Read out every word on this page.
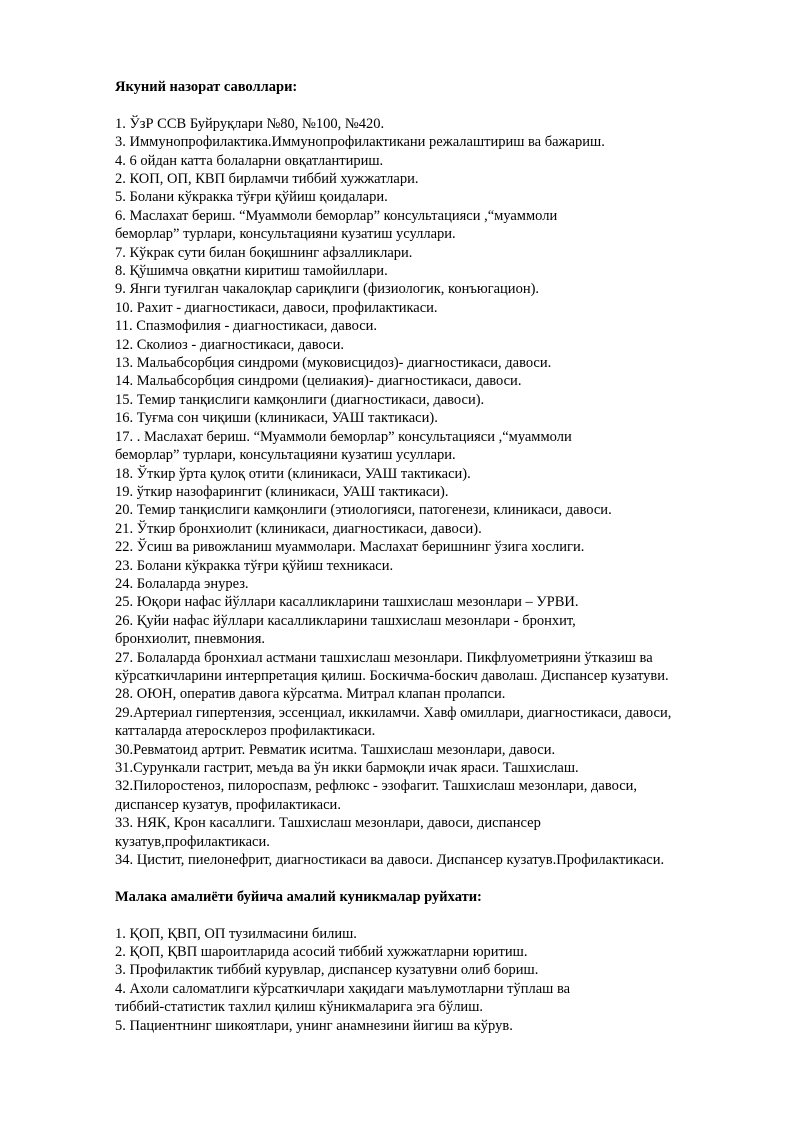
Якуний назорат саволлари:

1. ЎзР ССВ Буйруқлари №80, №100, №420.
3. Иммунопрофилактика.Иммунопрофилактикани режалаштириш ва бажариш.
4. 6 ойдан катта болаларни овқатлантириш.
2. КОП, ОП, КВП бирламчи тиббий хужжатлари.
5. Болани кўкракка тўғри қўйиш қоидалари.
6. Маслахат бериш. “Муаммоли беморлар” консультацияси ,“муаммоли
беморлар” турлари, консультацияни кузатиш усуллари.
7. Кўкрак сути билан боқишнинг афзалликлари.
8. Қўшимча овқатни киритиш тамойиллари.
9. Янги туғилган чакалоқлар сариқлиги (физиологик, конъюгацион).
10. Рахит - диагностикаси, давоси, профилактикаси.
11. Спазмофилия - диагностикаси, давоси.
12. Сколиоз - диагностикаси, давоси.
13. Мальабсорбция синдроми (муковисцидоз)- диагностикаси, давоси.
14. Мальабсорбция синдроми (целиакия)- диагностикаси, давоси.
15. Темир танқислиги камқонлиги (диагностикаси, давоси).
16. Туғма сон чиқиши (клиникаси, УАШ тактикаси).
17. . Маслахат бериш. “Муаммоли беморлар” консультацияси ,“муаммоли
беморлар” турлари, консультацияни кузатиш усуллари.
18. Ўткир ўрта қулоқ отити (клиникаси, УАШ тактикаси).
19. ўткир назофарингит (клиникаси, УАШ тактикаси).
20. Темир танқислиги камқонлиги (этиологияси, патогенези, клиникаси, давоси.
21. Ўткир бронхиолит (клиникаси, диагностикаси, давоси).
22. Ўсиш ва ривожланиш муаммолари. Маслахат беришнинг ўзига хослиги.
23. Болани кўкракка тўғри қўйиш техникаси.
24. Болаларда энурез.
25. Юқори нафас йўллари касалликларини ташхислаш мезонлари – УРВИ.
26. Қуйи нафас йўллари касалликларини ташхислаш мезонлари - бронхит,
бронхиолит, пневмония.
27. Болаларда бронхиал астмани ташхислаш мезонлари. Пикфлуометрияни ўтказиш ва
кўрсаткичларини интерпретация қилиш. Боскичма-боскич даволаш. Диспансер кузатуви.
28. ОЮН, оператив давога кўрсатма. Митрал клапан пролапси.
29.Артериал гипертензия, эссенциал, иккиламчи. Хавф омиллари, диагностикаси, давоси,
катталарда атеросклероз профилактикаси.
30.Ревматоид артрит. Ревматик иситма. Ташхислаш мезонлари, давоси.
31.Сурункали гастрит, меъда ва ўн икки бармоқли ичак яраси. Ташхислаш.
32.Пилоростеноз, пилороспазм, рефлюкс - эзофагит. Ташхислаш мезонлари, давоси,
диспансер кузатув, профилактикаси.
33. НЯК, Крон касаллиги. Ташхислаш мезонлари, давоси, диспансер
кузатув,профилактикаси.
34. Цистит, пиелонефрит, диагностикаси ва давоси. Диспансер кузатув.Профилактикаси.

Малака амалиёти буйича амалий куникмалар руйхати:

1. ҚОП, ҚВП, ОП тузилмасини билиш.
2. ҚОП, ҚВП шароитларида асосий тиббий хужжатларни юритиш.
3. Профилактик тиббий курувлар, диспансер кузатувни олиб бориш.
4. Ахоли саломатлиги кўрсаткичлари хақидаги маълумотларни тўплаш ва
тиббий-статистик тахлил қилиш кўникмаларига эга бўлиш.
5. Пациентнинг шикоятлари, унинг анамнезини йигиш ва кўрув.
